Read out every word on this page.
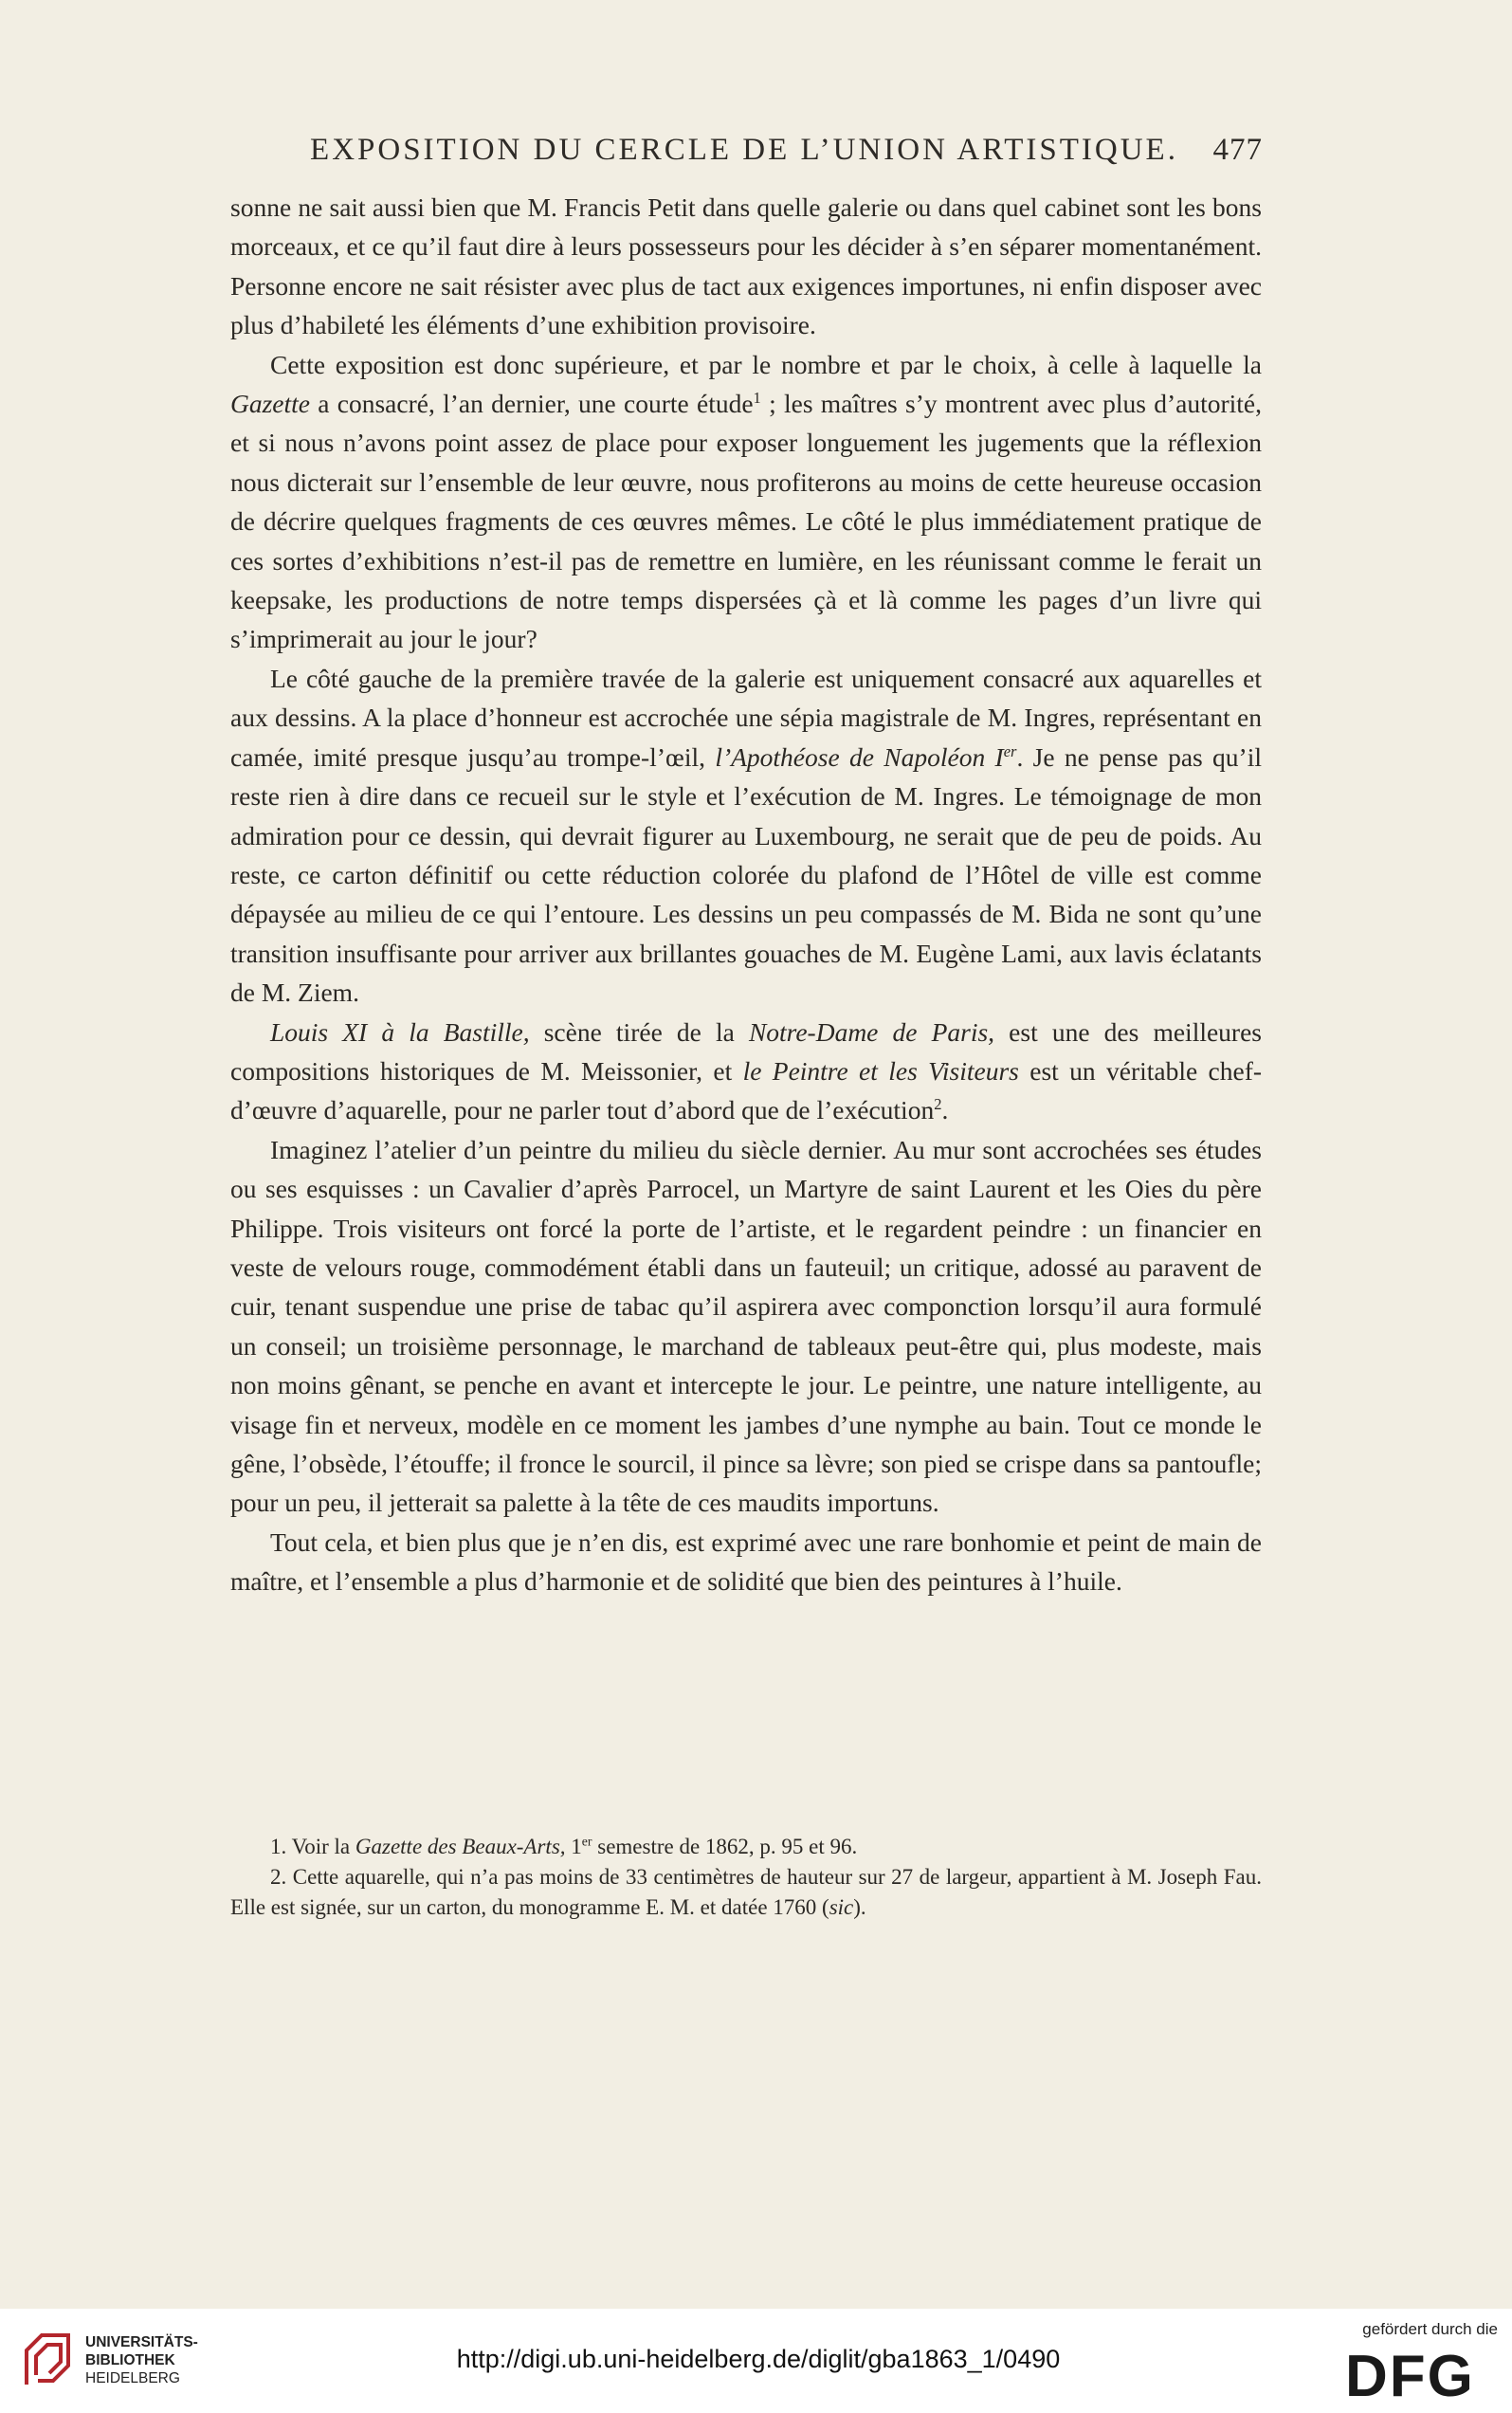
EXPOSITION DU CERCLE DE L’UNION ARTISTIQUE.	477

sonne ne sait aussi bien que M. Francis Petit dans quelle galerie ou dans quel cabinet sont les bons morceaux, et ce qu’il faut dire à leurs possesseurs pour les décider à s’en séparer momentanément. Personne encore ne sait résister avec plus de tact aux exigences importunes, ni enfin disposer avec plus d’habileté les éléments d’une exhibition provisoire.

Cette exposition est donc supérieure, et par le nombre et par le choix, à celle à laquelle la Gazette a consacré, l’an dernier, une courte étude$^1$ ; les maîtres s’y montrent avec plus d’autorité, et si nous n’avons point assez de place pour exposer longuement les jugements que la réflexion nous dicterait sur l’ensemble de leur œuvre, nous profiterons au moins de cette heureuse occasion de décrire quelques fragments de ces œuvres mêmes. Le côté le plus immédiatement pratique de ces sortes d’exhibitions n’est-il pas de remettre en lumière, en les réunissant comme le ferait un keepsake, les productions de notre temps dispersées çà et là comme les pages d’un livre qui s’imprimerait au jour le jour?

Le côté gauche de la première travée de la galerie est uniquement consacré aux aquarelles et aux dessins. A la place d’honneur est accrochée une sépia magistrale de M. Ingres, représentant en camée, imité presque jusqu’au trompe-l’œil, l’Apothéose de Napoléon Ier. Je ne pense pas qu’il reste rien à dire dans ce recueil sur le style et l’exécution de M. Ingres. Le témoignage de mon admiration pour ce dessin, qui devrait figurer au Luxembourg, ne serait que de peu de poids. Au reste, ce carton définitif ou cette réduction colorée du plafond de l’Hôtel de ville est comme dépaysée au milieu de ce qui l’entoure. Les dessins un peu compassés de M. Bida ne sont qu’une transition insuffisante pour arriver aux brillantes gouaches de M. Eugène Lami, aux lavis éclatants de M. Ziem.

Louis XI à la Bastille, scène tirée de la Notre-Dame de Paris, est une des meilleures compositions historiques de M. Meissonier, et le Peintre et les Visiteurs est un véritable chef-d’œuvre d’aquarelle, pour ne parler tout d’abord que de l’exécution$^2$.

Imaginez l’atelier d’un peintre du milieu du siècle dernier. Au mur sont accrochées ses études ou ses esquisses : un Cavalier d’après Parrocel, un Martyre de saint Laurent et les Oies du père Philippe. Trois visiteurs ont forcé la porte de l’artiste, et le regardent peindre : un financier en veste de velours rouge, commodément établi dans un fauteuil; un critique, adossé au paravent de cuir, tenant suspendue une prise de tabac qu’il aspirera avec componction lorsqu’il aura formulé un conseil; un troisième personnage, le marchand de tableaux peut-être qui, plus modeste, mais non moins gênant, se penche en avant et intercepte le jour. Le peintre, une nature intelligente, au visage fin et nerveux, modèle en ce moment les jambes d’une nymphe au bain. Tout ce monde le gêne, l’obsède, l’étouffe; il fronce le sourcil, il pince sa lèvre; son pied se crispe dans sa pantoufle; pour un peu, il jetterait sa palette à la tête de ces maudits importuns.

Tout cela, et bien plus que je n’en dis, est exprimé avec une rare bonhomie et peint de main de maître, et l’ensemble a plus d’harmonie et de solidité que bien des peintures à l’huile.

1. Voir la Gazette des Beaux-Arts, 1er semestre de 1862, p. 95 et 96.

2. Cette aquarelle, qui n’a pas moins de 33 centimètres de hauteur sur 27 de largeur, appartient à M. Joseph Fau. Elle est signée, sur un carton, du monogramme E. M. et datée 1760 (sic).

UNIVERSITÄTS-
BIBLIOTHEK
HEIDELBERG
http://digi.ub.uni-heidelberg.de/diglit/gba1863_1/0490
gefördert durch die
DFG
